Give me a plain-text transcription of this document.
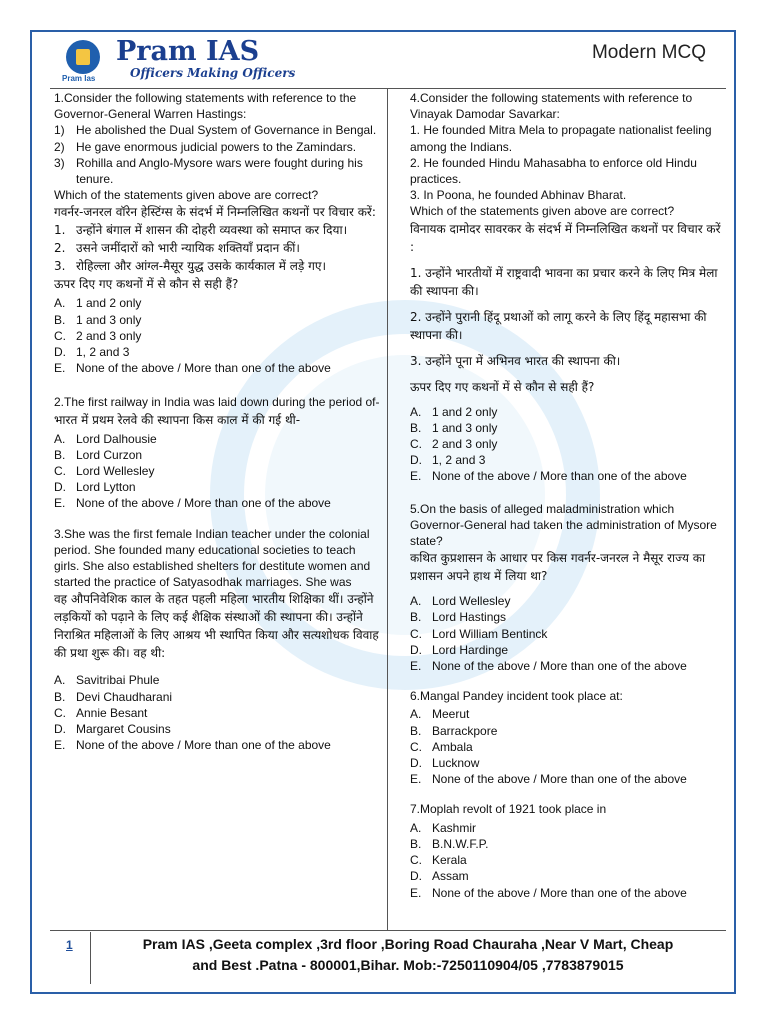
Pram Ias
Pram IAS
Officers Making Officers
Modern MCQ

1.Consider the following statements with reference to the Governor-General Warren Hastings:

1) He abolished the Dual System of Governance in Bengal.
2) He gave enormous judicial powers to the Zamindars.
3) Rohilla and Anglo-Mysore wars were fought during his tenure.

Which of the statements given above are correct?

गवर्नर-जनरल वॉरेन हेस्टिंग्स के संदर्भ में निम्नलिखित कथनों पर विचार करें:

1. उन्होंने बंगाल में शासन की दोहरी व्यवस्था को समाप्त कर दिया।
2. उसने जमींदारों को भारी न्यायिक शक्तियाँ प्रदान कीं।
3. रोहिल्ला और आंग्ल-मैसूर युद्ध उसके कार्यकाल में लड़े गए।

ऊपर दिए गए कथनों में से कौन से सही हैं?

A. 1 and 2 only
B. 1 and 3 only
C. 2 and 3 only
D. 1, 2 and 3
E. None of the above / More than one of the above

2.The first railway in India was laid down during the period of-

भारत में प्रथम रेलवे की स्थापना किस काल में की गई थी-

A. Lord Dalhousie
B. Lord Curzon
C. Lord Wellesley
D. Lord Lytton
E. None of the above / More than one of the above

3.She was the first female Indian teacher under the colonial period. She founded many educational societies to teach girls. She also established shelters for destitute women and started the practice of Satyasodhak marriages. She was

वह औपनिवेशिक काल के तहत पहली महिला भारतीय शिक्षिका थीं। उन्होंने लड़कियों को पढ़ाने के लिए कई शैक्षिक संस्थाओं की स्थापना की। उन्होंने निराश्रित महिलाओं के लिए आश्रय भी स्थापित किया और सत्यशोधक विवाह की प्रथा शुरू की। वह थी:

A. Savitribai Phule
B. Devi Chaudharani
C. Annie Besant
D. Margaret Cousins
E. None of the above / More than one of the above

4.Consider the following statements with reference to Vinayak Damodar Savarkar:

1. He founded Mitra Mela to propagate nationalist feeling among the Indians.

2. He founded Hindu Mahasabha to enforce old Hindu practices.

3. In Poona, he founded Abhinav Bharat.

Which of the statements given above are correct?

विनायक दामोदर सावरकर के संदर्भ में निम्नलिखित कथनों पर विचार करें :

1. उन्होंने भारतीयों में राष्ट्रवादी भावना का प्रचार करने के लिए मित्र मेला की स्थापना की।

2. उन्होंने पुरानी हिंदू प्रथाओं को लागू करने के लिए हिंदू महासभा की स्थापना की।

3. उन्होंने पूना में अभिनव भारत की स्थापना की।

ऊपर दिए गए कथनों में से कौन से सही हैं?

A. 1 and 2 only
B. 1 and 3 only
C. 2 and 3 only
D. 1, 2 and 3
E. None of the above / More than one of the above

5.On the basis of alleged maladministration which Governor-General had taken the administration of Mysore state?

कथित कुप्रशासन के आधार पर किस गवर्नर-जनरल ने मैसूर राज्य का प्रशासन अपने हाथ में लिया था?

A. Lord Wellesley
B. Lord Hastings
C. Lord William Bentinck
D. Lord Hardinge
E. None of the above / More than one of the above

6.Mangal Pandey incident took place at:

A. Meerut
B. Barrackpore
C. Ambala
D. Lucknow
E. None of the above / More than one of the above

7.Moplah revolt of 1921 took place in

A. Kashmir
B. B.N.W.F.P.
C. Kerala
D. Assam
E. None of the above / More than one of the above
1	Pram IAS ,Geeta complex ,3rd floor ,Boring Road Chauraha ,Near V Mart, Cheap
and Best .Patna - 800001,Bihar. Mob:-7250110904/05 ,7783879015
